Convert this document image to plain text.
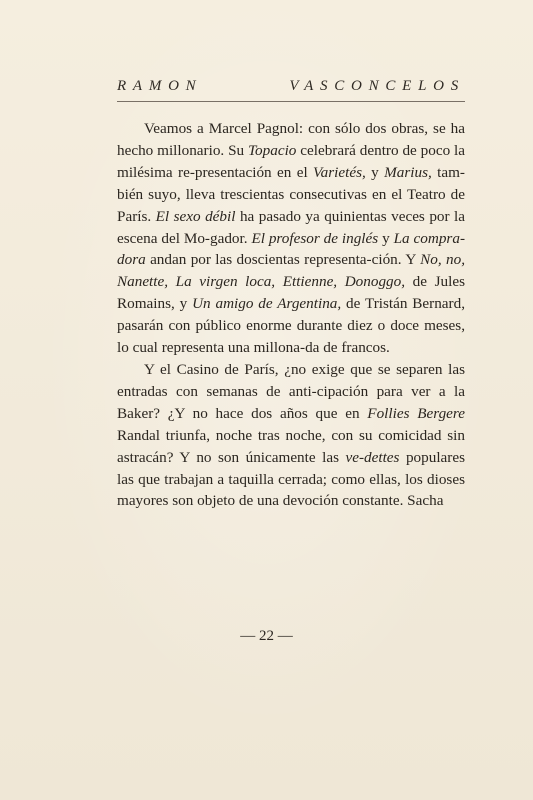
RAMON	VASCONCELOS

Veamos a Marcel Pagnol: con sólo dos obras, se ha hecho millonario. Su Topacio celebrará dentro de poco la milésima re-presentación en el Varietés, y Marius, tam-bién suyo, lleva trescientas consecutivas en el Teatro de París. El sexo débil ha pasado ya quinientas veces por la escena del Mo-gador. El profesor de inglés y La compra-dora andan por las doscientas representa-ción. Y No, no, Nanette, La virgen loca, Ettienne, Donoggo, de Jules Romains, y Un amigo de Argentina, de Tristán Bernard, pasarán con público enorme durante diez o doce meses, lo cual representa una millona-da de francos.

Y el Casino de París, ¿no exige que se separen las entradas con semanas de anti-cipación para ver a la Baker? ¿Y no hace dos años que en Follies Bergere Randal triunfa, noche tras noche, con su comicidad sin astracán? Y no son únicamente las ve-dettes populares las que trabajan a taquilla cerrada; como ellas, los dioses mayores son objeto de una devoción constante. Sacha

— 22 —
